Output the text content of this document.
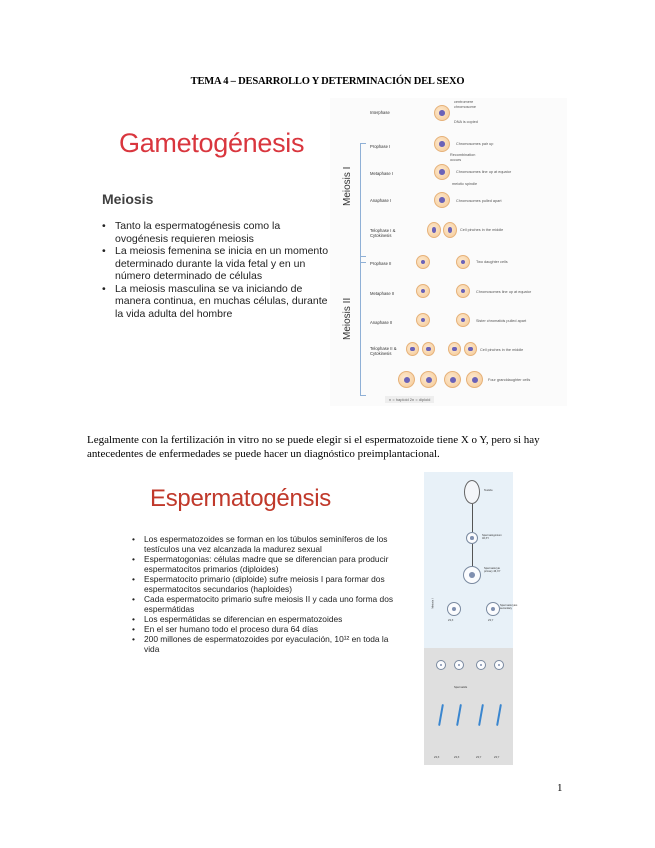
TEMA 4 – DESARROLLO Y DETERMINACIÓN DEL SEXO
Gametogénesis
Meiosis
• Tanto la espermatogénesis como la ovogénesis requieren meiosis
• La meiosis femenina se inicia en un momento determinado durante la vida fetal y en un número determinado de células
• La meiosis masculina se va iniciando de manera continua, en muchas células, durante la vida adulta del hombre
Meiosis I
Meiosis II
Interphase
Prophase I
Metaphase I
Anaphase I
Telophase I & Cytokinesis
Prophase II
Metaphase II
Anaphase II
Telophase II & Cytokinesis
centromere
chromosome
DNA is copied
Chromosomes pair up
Recombination occurs
Chromosomes line up at equator
meiotic spindle
Chromosomes pulled apart
Cell pinches in the middle
Two daughter cells
Chromosomes line up at equator
Sister chromatids pulled apart
Cell pinches in the middle
Four granddaughter cells
n = haploid 2n = diploid
Legalmente con la fertilización in vitro no se puede elegir si el espermatozoide tiene X o Y, pero si hay antecedentes de enfermedades se puede hacer un diagnóstico preimplantacional.
Espermatogénsis
• Los espermatozoides se forman en los túbulos seminíferos de los testículos una vez alcanzada la madurez sexual
• Espermatogonias: células madre que se diferencian para producir espermatocitos primarios (diploides)
• Espermatocito primario (diploide) sufre meiosis I para formar dos espermatocitos secundarios (haploides)
• Cada espermatocito primario sufre meiosis II y cada uno forma dos espermátidas
• Los espermátidas se diferencian en espermatozoides
• En el ser humano todo el proceso dura 64 días
• 200 millones de espermatozoides por eyaculación, 10¹² en toda la vida
Testicle
Spermatogonium 46,XY
Spermatocyte primary 46,XY
Meiosis I
23,X	23,Y
Spermatocytes secondary
Spermatids
23,X	23,X	23,Y	23,Y
1
